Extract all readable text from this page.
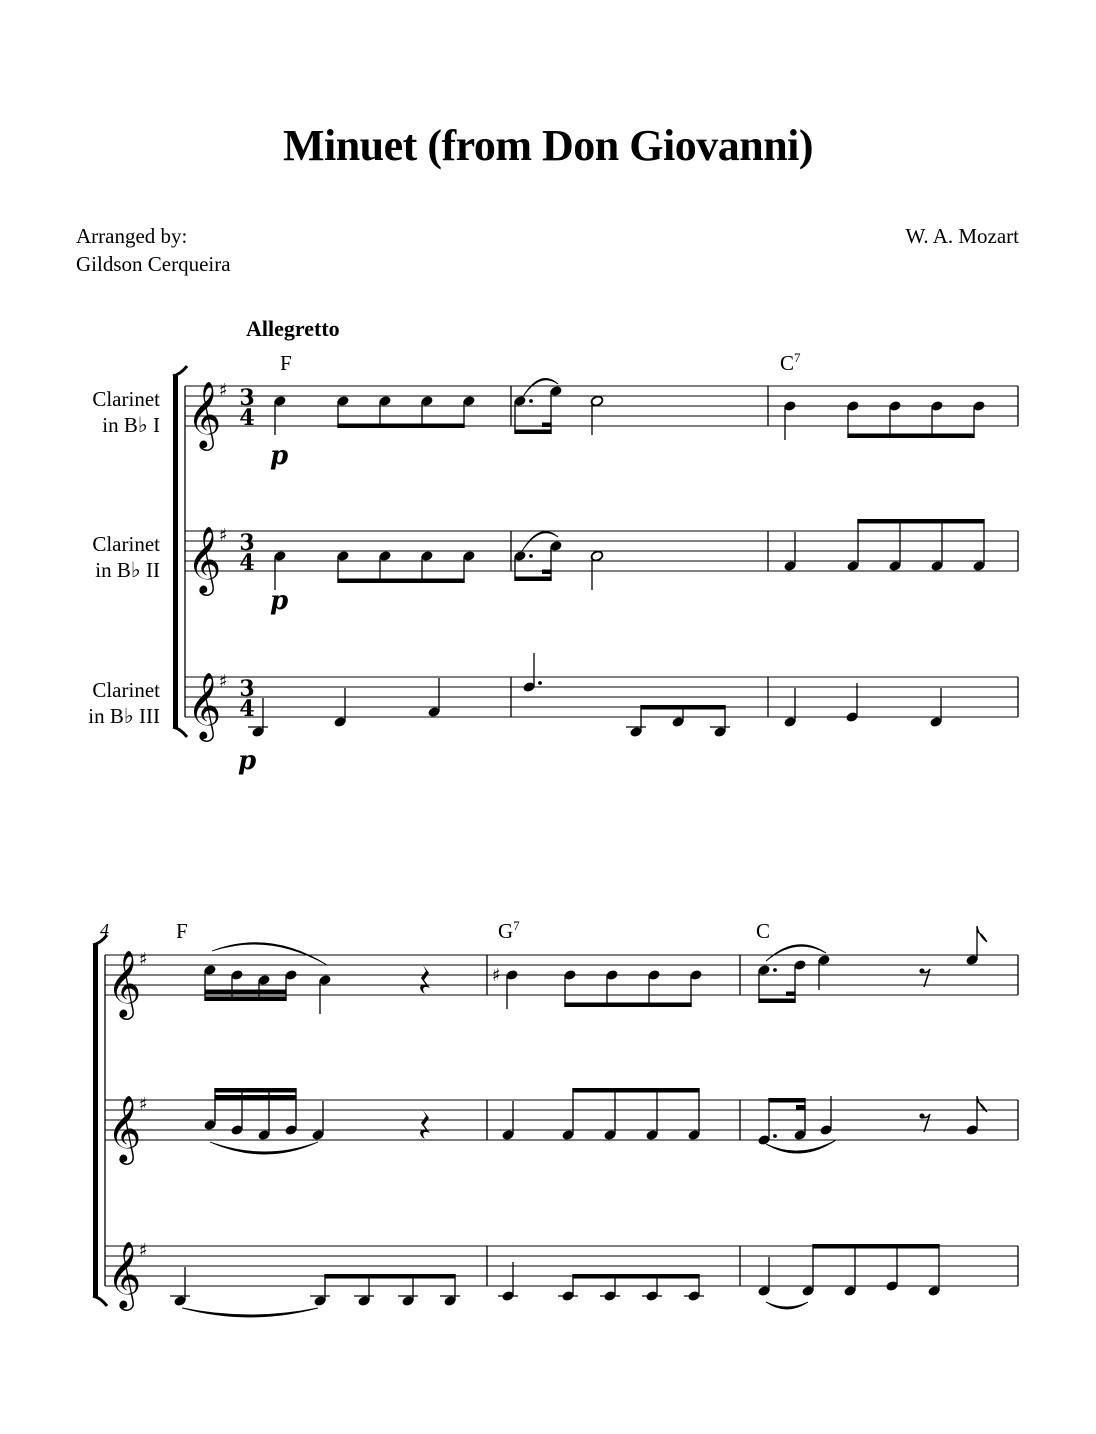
Minuet (from Don Giovanni)
Arranged by:
Gildson Cerqueira
W. A. Mozart
Allegretto
F	$C^7$
4	F	$G^7$	C
Clarinet
in B♭ I
Clarinet
in B♭ II
Clarinet
in B♭ III
𝄞
♯ 3
4
𝄞
♯ 3
4
𝄞
♯ 3
4
p
p
p
𝄞
♯
𝄞
♯
𝄞
♯
♯
